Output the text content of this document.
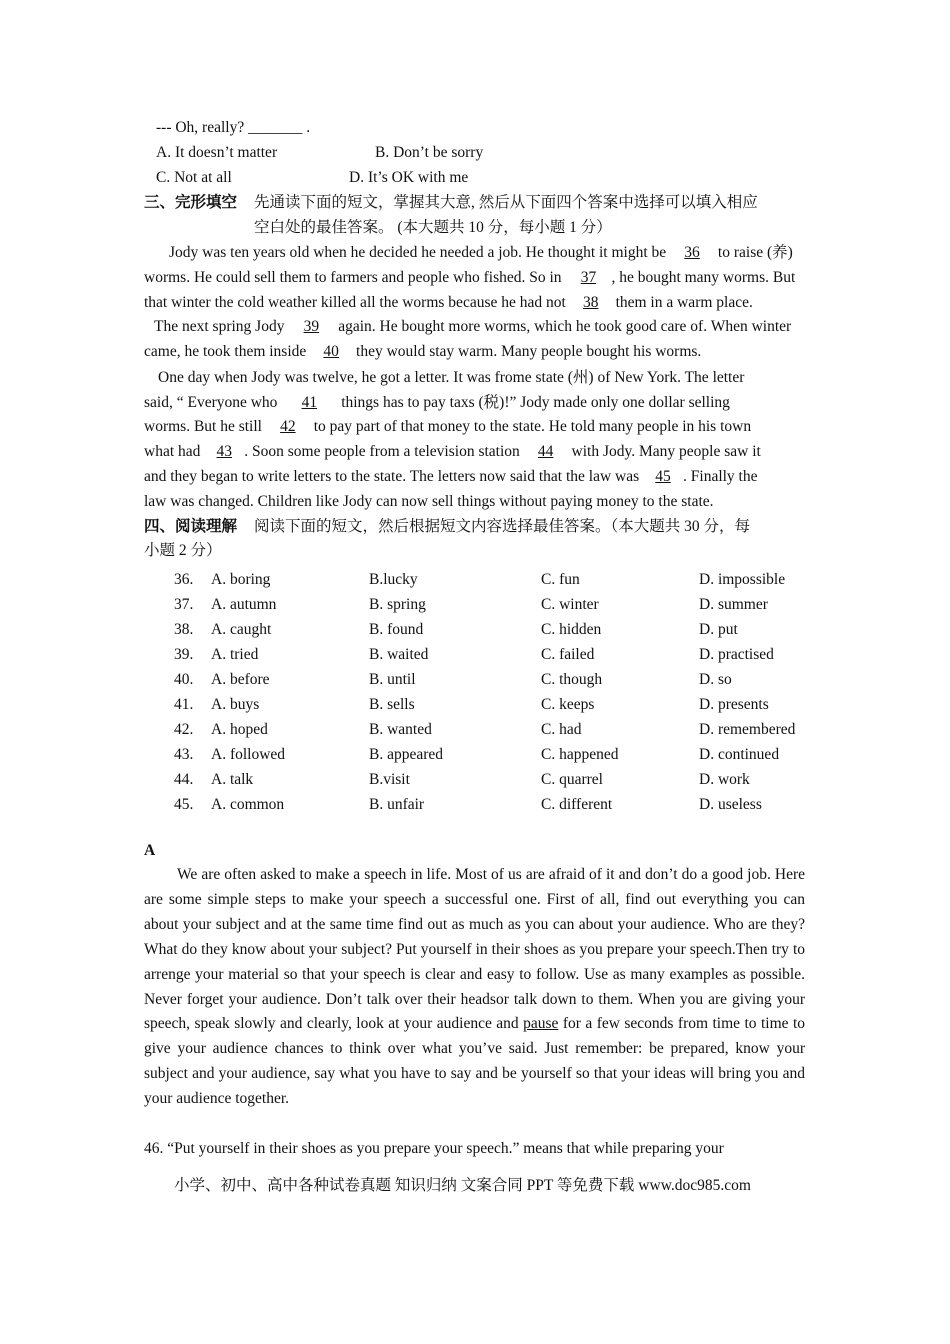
--- Oh, really? _______ .
A. It doesn’t matter	B. Don’t be sorry
C. Not at all	D. It’s OK with me
三、完形填空 先通读下面的短文，掌握其大意, 然后从下面四个答案中选择可以填入相应
空白处的最佳答案。 (本大题共 10 分，每小题 1 分）
Jody was ten years old when he decided he needed a job. He thought it might be 36 to raise (养)
worms. He could sell them to farmers and people who fished. So in 37 , he bought many worms. But
that winter the cold weather killed all the worms because he had not 38 them in a warm place.
The next spring Jody 39 again. He bought more worms, which he took good care of. When winter
came, he took them inside 40 they would stay warm. Many people bought his worms.
One day when Jody was twelve, he got a letter. It was frome state (州) of New York. The letter
said, “ Everyone who 41 things has to pay taxs (税)!” Jody made only one dollar selling
worms. But he still 42 to pay part of that money to the state. He told many people in his town
what had 43 . Soon some people from a television station 44 with Jody. Many people saw it
and they began to write letters to the state. The letters now said that the law was 45 . Finally the
law was changed. Children like Jody can now sell things without paying money to the state.
四、阅读理解 阅读下面的短文，然后根据短文内容选择最佳答案。（本大题共 30 分，每
小题 2 分）
36. A. boring	B.lucky	C. fun	D. impossible
37. A. autumn	B. spring	C. winter	D. summer
38. A. caught	B. found	C. hidden	D. put
39. A. tried	B. waited	C. failed	D. practised
40. A. before	B. until	C. though	D. so
41. A. buys	B. sells	C. keeps	D. presents
42. A. hoped	B. wanted	C. had	D. remembered
43. A. followed	B. appeared	C. happened	D. continued
44. A. talk	B.visit	C. quarrel	D. work
45. A. common	B. unfair	C. different	D. useless
A
We are often asked to make a speech in life. Most of us are afraid of it and don’t do a good job. Here are some simple steps to make your speech a successful one. First of all, find out everything you can about your subject and at the same time find out as much as you can about your audience. Who are they? What do they know about your subject? Put yourself in their shoes as you prepare your speech.Then try to arrenge your material so that your speech is clear and easy to follow. Use as many examples as possible. Never forget your audience. Don’t talk over their headsor talk down to them. When you are giving your speech, speak slowly and clearly, look at your audience and pause for a few seconds from time to time to give your audience chances to think over what you’ve said. Just remember: be prepared, know your subject and your audience, say what you have to say and be yourself so that your ideas will bring you and your audience together.
46. “Put yourself in their shoes as you prepare your speech.” means that while preparing your
小学、初中、高中各种试卷真题 知识归纳 文案合同 PPT 等免费下载 www.doc985.com
